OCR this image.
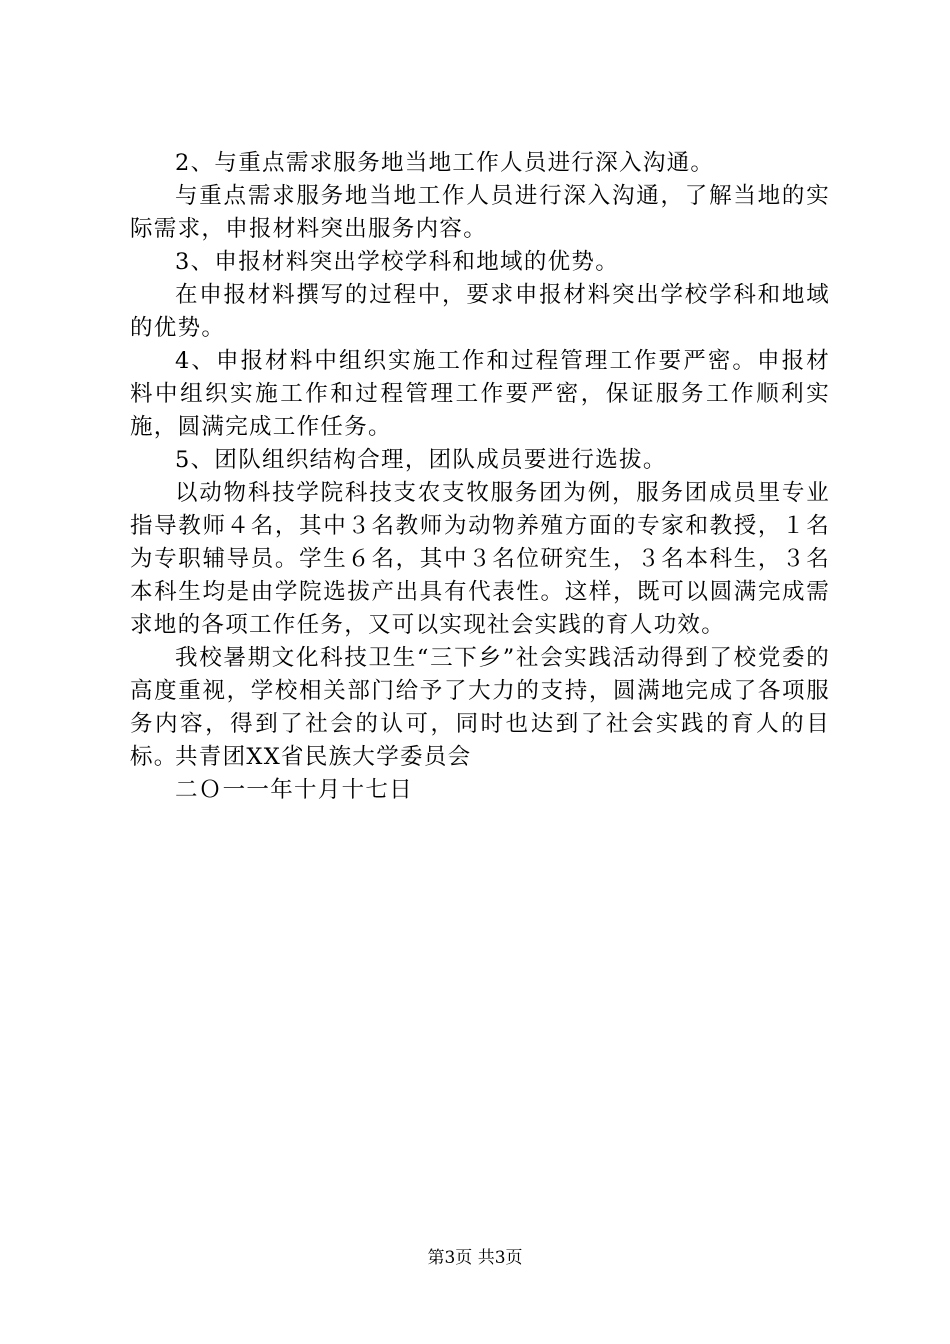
2、与重点需求服务地当地工作人员进行深入沟通。

与重点需求服务地当地工作人员进行深入沟通，了解当地的实际需求，申报材料突出服务内容。

3、申报材料突出学校学科和地域的优势。

在申报材料撰写的过程中，要求申报材料突出学校学科和地域的优势。

4、申报材料中组织实施工作和过程管理工作要严密。申报材料中组织实施工作和过程管理工作要严密，保证服务工作顺利实施，圆满完成工作任务。

5、团队组织结构合理，团队成员要进行选拔。

以动物科技学院科技支农支牧服务团为例，服务团成员里专业指导教师４名，其中３名教师为动物养殖方面的专家和教授，１名为专职辅导员。学生６名，其中３名位研究生，３名本科生，３名本科生均是由学院选拔产出具有代表性。这样，既可以圆满完成需求地的各项工作任务，又可以实现社会实践的育人功效。

我校暑期文化科技卫生“三下乡”社会实践活动得到了校党委的高度重视，学校相关部门给予了大力的支持，圆满地完成了各项服务内容，得到了社会的认可，同时也达到了社会实践的育人的目标。

共青团XX省民族大学委员会

二Ｏ一一年十月十七日

第3页 共3页
